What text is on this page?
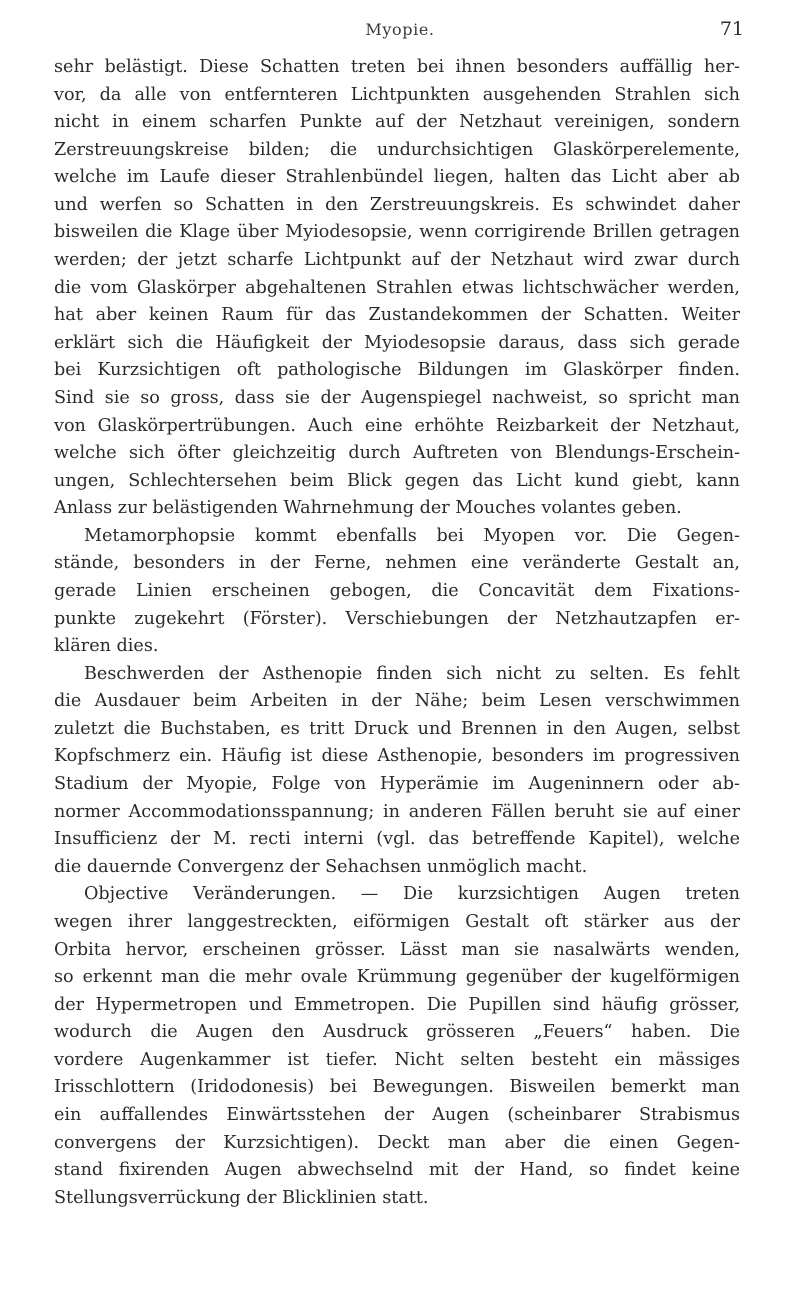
Myopie.	71
sehr belästigt. Diese Schatten treten bei ihnen besonders auffällig her-
vor, da alle von entfernteren Lichtpunkten ausgehenden Strahlen sich
nicht in einem scharfen Punkte auf der Netzhaut vereinigen, sondern
Zerstreuungskreise bilden; die undurchsichtigen Glaskörperelemente,
welche im Laufe dieser Strahlenbündel liegen, halten das Licht aber ab
und werfen so Schatten in den Zerstreuungskreis. Es schwindet daher
bisweilen die Klage über Myiodesopsie, wenn corrigirende Brillen getragen
werden; der jetzt scharfe Lichtpunkt auf der Netzhaut wird zwar durch
die vom Glaskörper abgehaltenen Strahlen etwas lichtschwächer werden,
hat aber keinen Raum für das Zustandekommen der Schatten. Weiter
erklärt sich die Häufigkeit der Myiodesopsie daraus, dass sich gerade
bei Kurzsichtigen oft pathologische Bildungen im Glaskörper finden.
Sind sie so gross, dass sie der Augenspiegel nachweist, so spricht man
von Glaskörpertrübungen. Auch eine erhöhte Reizbarkeit der Netzhaut,
welche sich öfter gleichzeitig durch Auftreten von Blendungs-Erschein-
ungen, Schlechtersehen beim Blick gegen das Licht kund giebt, kann
Anlass zur belästigenden Wahrnehmung der Mouches volantes geben.
Metamorphopsie kommt ebenfalls bei Myopen vor. Die Gegen-
stände, besonders in der Ferne, nehmen eine veränderte Gestalt an,
gerade Linien erscheinen gebogen, die Concavität dem Fixations-
punkte zugekehrt (Förster). Verschiebungen der Netzhautzapfen er-
klären dies.
Beschwerden der Asthenopie finden sich nicht zu selten. Es fehlt
die Ausdauer beim Arbeiten in der Nähe; beim Lesen verschwimmen
zuletzt die Buchstaben, es tritt Druck und Brennen in den Augen, selbst
Kopfschmerz ein. Häufig ist diese Asthenopie, besonders im progressiven
Stadium der Myopie, Folge von Hyperämie im Augeninnern oder ab-
normer Accommodationsspannung; in anderen Fällen beruht sie auf einer
Insufficienz der M. recti interni (vgl. das betreffende Kapitel), welche
die dauernde Convergenz der Sehachsen unmöglich macht.
Objective Veränderungen. — Die kurzsichtigen Augen treten
wegen ihrer langgestreckten, eiförmigen Gestalt oft stärker aus der
Orbita hervor, erscheinen grösser. Lässt man sie nasalwärts wenden,
so erkennt man die mehr ovale Krümmung gegenüber der kugelförmigen
der Hypermetropen und Emmetropen. Die Pupillen sind häufig grösser,
wodurch die Augen den Ausdruck grösseren „Feuers“ haben. Die
vordere Augenkammer ist tiefer. Nicht selten besteht ein mässiges
Irisschlottern (Iridodonesis) bei Bewegungen. Bisweilen bemerkt man
ein auffallendes Einwärtsstehen der Augen (scheinbarer Strabismus
convergens der Kurzsichtigen). Deckt man aber die einen Gegen-
stand fixirenden Augen abwechselnd mit der Hand, so findet keine
Stellungsverrückung der Blicklinien statt.
